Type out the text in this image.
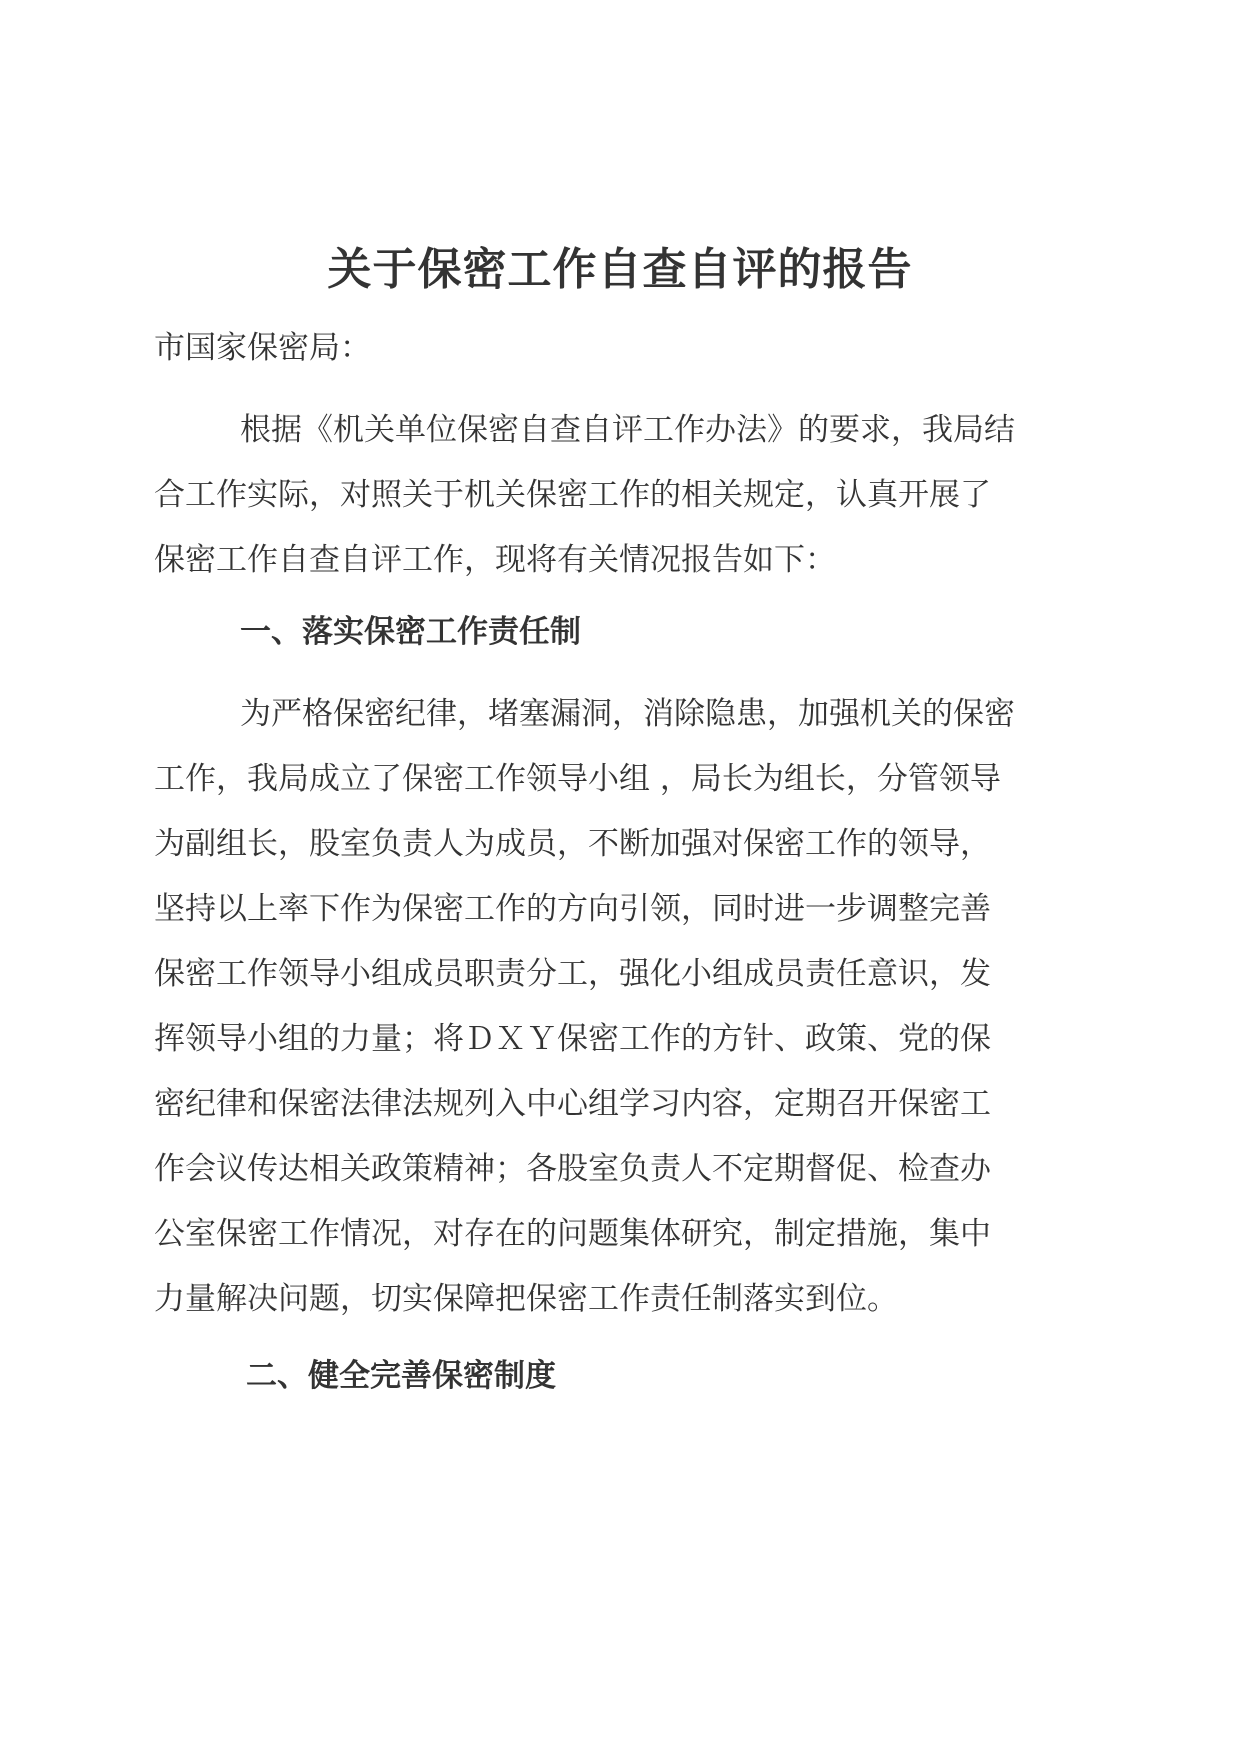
关于保密工作自查自评的报告
市国家保密局：
根据《机关单位保密自查自评工作办法》的要求，我局结
合工作实际，对照关于机关保密工作的相关规定，认真开展了
保密工作自查自评工作，现将有关情况报告如下：
一、落实保密工作责任制
为严格保密纪律，堵塞漏洞，消除隐患，加强机关的保密
工作，我局成立了保密工作领导小组 ，局长为组长，分管领导
为副组长，股室负责人为成员，不断加强对保密工作的领导，
坚持以上率下作为保密工作的方向引领，同时进一步调整完善
保密工作领导小组成员职责分工，强化小组成员责任意识，发
挥领导小组的力量；将ＤＸＹ保密工作的方针、政策、党的保
密纪律和保密法律法规列入中心组学习内容，定期召开保密工
作会议传达相关政策精神；各股室负责人不定期督促、检查办
公室保密工作情况，对存在的问题集体研究，制定措施，集中
力量解决问题，切实保障把保密工作责任制落实到位。
二、健全完善保密制度
